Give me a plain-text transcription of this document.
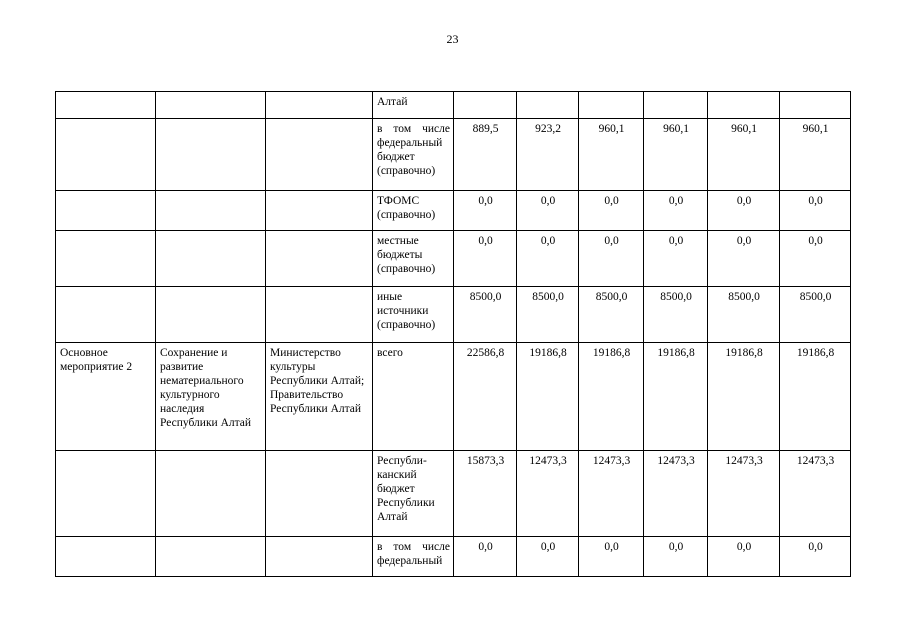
23

			Алтай						

			в том числе
федеральный
бюджет
(справочно)	889,5	923,2	960,1	960,1	960,1	960,1

			ТФОМС
(справочно)	0,0	0,0	0,0	0,0	0,0	0,0

			местные
бюджеты
(справочно)	0,0	0,0	0,0	0,0	0,0	0,0

			иные
источники
(справочно)	8500,0	8500,0	8500,0	8500,0	8500,0	8500,0
Основное мероприятие 2	Сохранение и развитие нематериального культурного наследия Республики Алтай	Министерство культуры Республики Алтай; Правительство Республики Алтай	всего	22586,8	19186,8	19186,8	19186,8	19186,8	19186,8

			Республи-
канский
бюджет
Республики
Алтай	15873,3	12473,3	12473,3	12473,3	12473,3	12473,3

			в том числе
федеральный	0,0	0,0	0,0	0,0	0,0	0,0
